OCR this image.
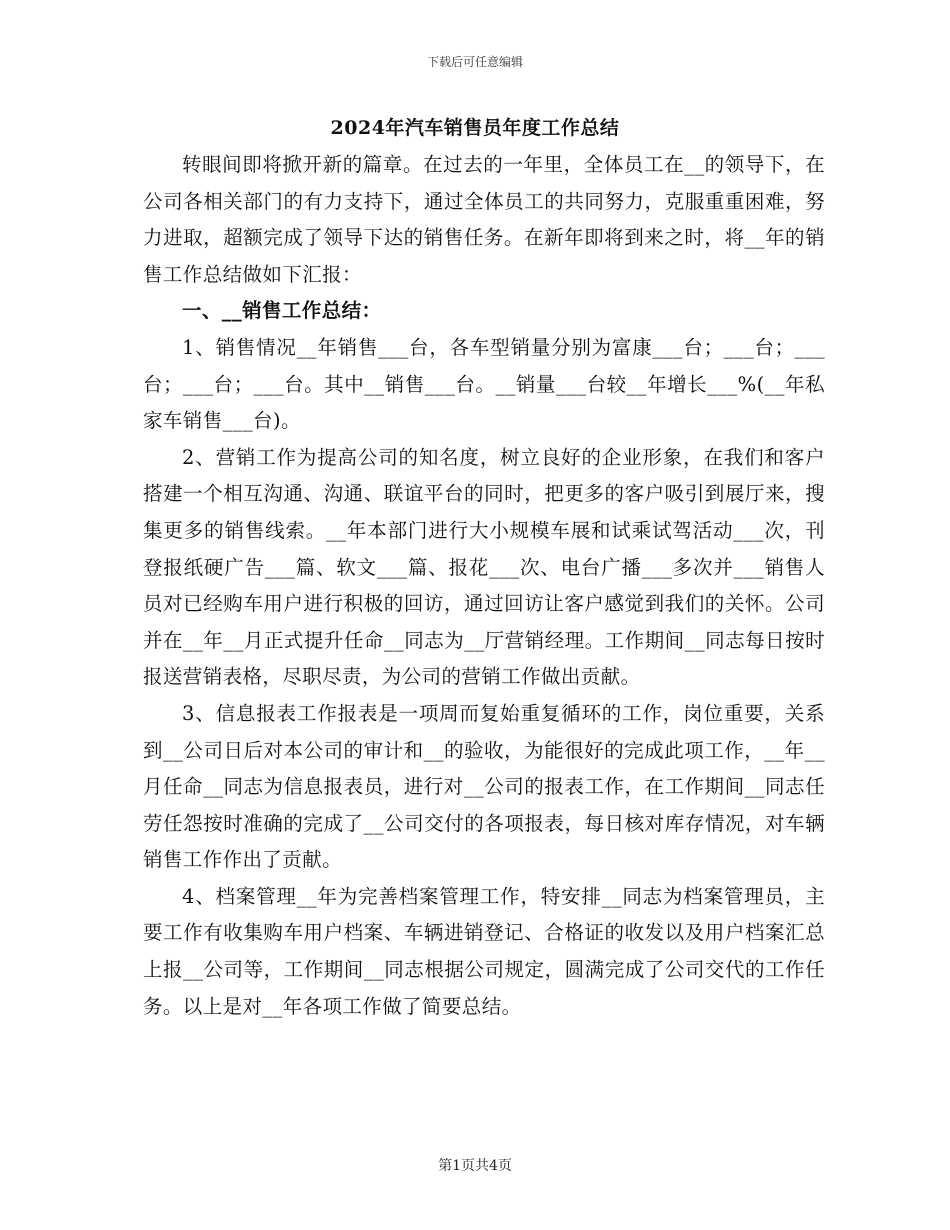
下载后可任意编辑
2024年汽车销售员年度工作总结

转眼间即将掀开新的篇章。在过去的一年里，全体员工在__的领导下，在公司各相关部门的有力支持下，通过全体员工的共同努力，克服重重困难，努力进取，超额完成了领导下达的销售任务。在新年即将到来之时，将__年的销售工作总结做如下汇报：

一、__销售工作总结：

1、销售情况__年销售___台，各车型销量分别为富康___台；___台；___台；___台；___台。其中__销售___台。__销量___台较__年增长___%(__年私家车销售___台)。

2、营销工作为提高公司的知名度，树立良好的企业形象，在我们和客户搭建一个相互沟通、沟通、联谊平台的同时，把更多的客户吸引到展厅来，搜集更多的销售线索。__年本部门进行大小规模车展和试乘试驾活动___次，刊登报纸硬广告___篇、软文___篇、报花___次、电台广播___多次并___销售人员对已经购车用户进行积极的回访，通过回访让客户感觉到我们的关怀。公司并在__年__月正式提升任命__同志为__厅营销经理。工作期间__同志每日按时报送营销表格，尽职尽责，为公司的营销工作做出贡献。

3、信息报表工作报表是一项周而复始重复循环的工作，岗位重要，关系到__公司日后对本公司的审计和__的验收，为能很好的完成此项工作，__年__月任命__同志为信息报表员，进行对__公司的报表工作，在工作期间__同志任劳任怨按时准确的完成了__公司交付的各项报表，每日核对库存情况，对车辆销售工作作出了贡献。

4、档案管理__年为完善档案管理工作，特安排__同志为档案管理员，主要工作有收集购车用户档案、车辆进销登记、合格证的收发以及用户档案汇总上报__公司等，工作期间__同志根据公司规定，圆满完成了公司交代的工作任务。以上是对__年各项工作做了简要总结。

第1页共4页
